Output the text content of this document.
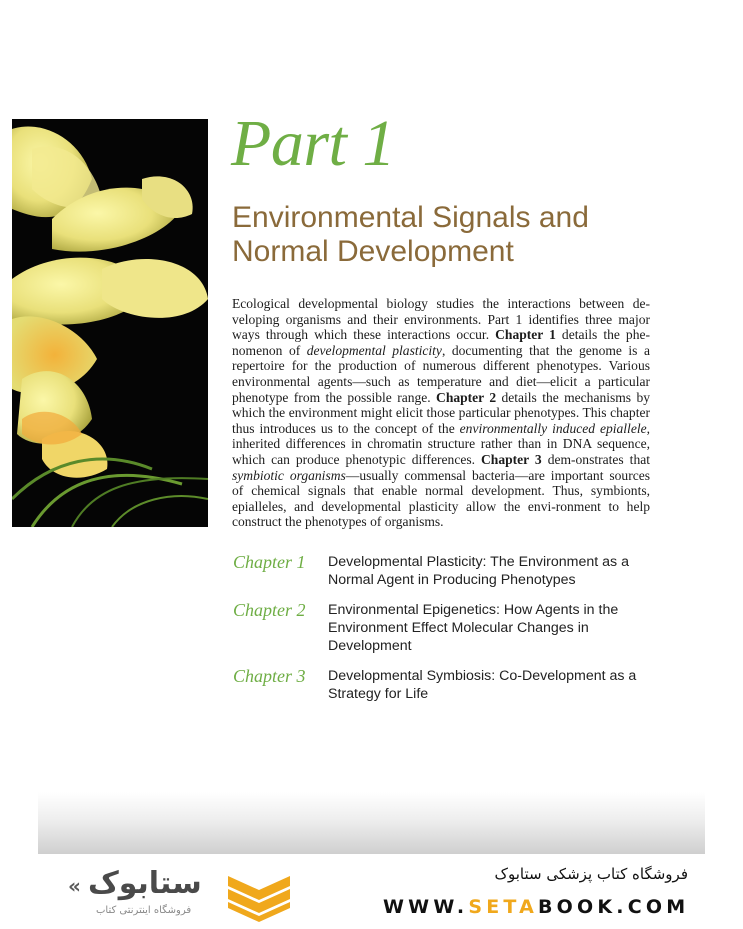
Part 1
Environmental Signals and Normal Development

Ecological developmental biology studies the interactions between de-veloping organisms and their environments. Part 1 identifies three major ways through which these interactions occur. Chapter 1 details the phe-nomenon of developmental plasticity, documenting that the genome is a repertoire for the production of numerous different phenotypes. Various environmental agents—such as temperature and diet—elicit a particular phenotype from the possible range. Chapter 2 details the mechanisms by which the environment might elicit those particular phenotypes. This chapter thus introduces us to the concept of the environmentally induced epiallele, inherited differences in chromatin structure rather than in DNA sequence, which can produce phenotypic differences. Chapter 3 dem-onstrates that symbiotic organisms—usually commensal bacteria—are important sources of chemical signals that enable normal development. Thus, symbionts, epialleles, and developmental plasticity allow the envi-ronment to help construct the phenotypes of organisms.

Chapter 1	Developmental Plasticity: The Environment as a Normal Agent in Producing Phenotypes
Chapter 2	Environmental Epigenetics: How Agents in the Environment Effect Molecular Changes in Development
Chapter 3	Developmental Symbiosis: Co-Development as a Strategy for Life
« ستابوک
فروشگاه اینترنتی کتاب
فروشگاه کتاب پزشکی ستابوک
WWW.SETABOOK.COM
